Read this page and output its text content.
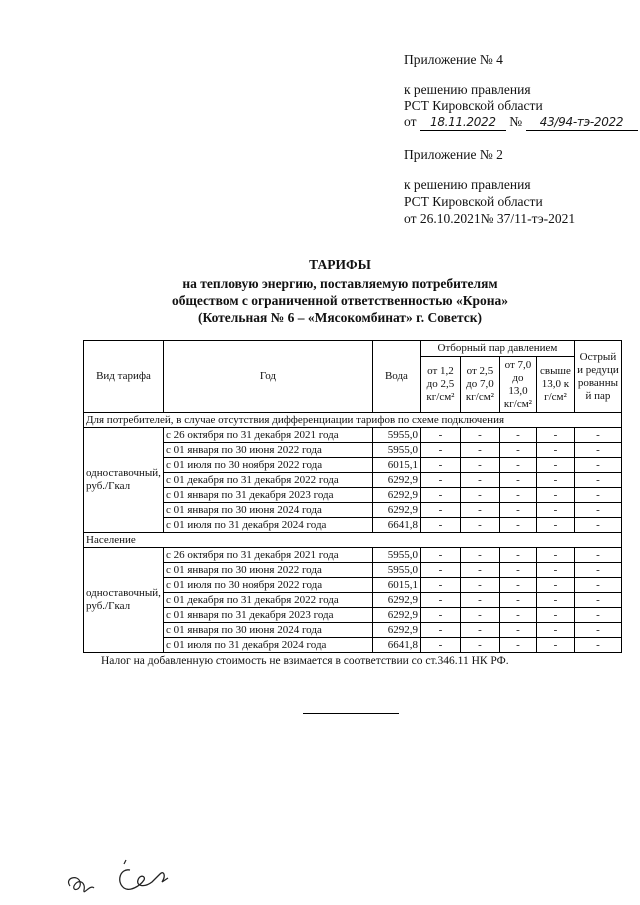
Приложение № 4
к решению правления
РСТ Кировской области
от 18.11.2022 № 43/94-тэ-2022
Приложение № 2
к решению правления
РСТ Кировской области
от 26.10.2021№ 37/11-тэ-2021
ТАРИФЫ
на тепловую энергию, поставляемую потребителям
обществом с ограниченной ответственностью «Крона»
(Котельная № 6 – «Мясокомбинат» г. Советск)
Вид тарифа	Год	Вода	Отборный пар давлением				Острый и редуцированный пар
			от 1,2 до 2,5 кг/см²	от 2,5 до 7,0 кг/см²	от 7,0 до 13,0 кг/см²	свыше 13,0 кг/см²	
Для потребителей, в случае отсутствия дифференциации тарифов по схеме подключения							
одноставочный, руб./Гкал	с 26 октября по 31 декабря 2021 года	5955,0	-	-	-	-	-
	с 01 января по 30 июня 2022 года	5955,0	-	-	-	-	-
	с 01 июля по 30 ноября 2022 года	6015,1	-	-	-	-	-
	с 01 декабря по 31 декабря 2022 года	6292,9	-	-	-	-	-
	с 01 января по 31 декабря 2023 года	6292,9	-	-	-	-	-
	с 01 января по 30 июня 2024 года	6292,9	-	-	-	-	-
	с 01 июля по 31 декабря 2024 года	6641,8	-	-	-	-	-
Население							
одноставочный, руб./Гкал	с 26 октября по 31 декабря 2021 года	5955,0	-	-	-	-	-
	с 01 января по 30 июня 2022 года	5955,0	-	-	-	-	-
	с 01 июля по 30 ноября 2022 года	6015,1	-	-	-	-	-
	с 01 декабря по 31 декабря 2022 года	6292,9	-	-	-	-	-
	с 01 января по 31 декабря 2023 года	6292,9	-	-	-	-	-
	с 01 января по 30 июня 2024 года	6292,9	-	-	-	-	-
	с 01 июля по 31 декабря 2024 года	6641,8	-	-	-	-	-
Налог на добавленную стоимость не взимается в соответствии со ст.346.11 НК РФ.
